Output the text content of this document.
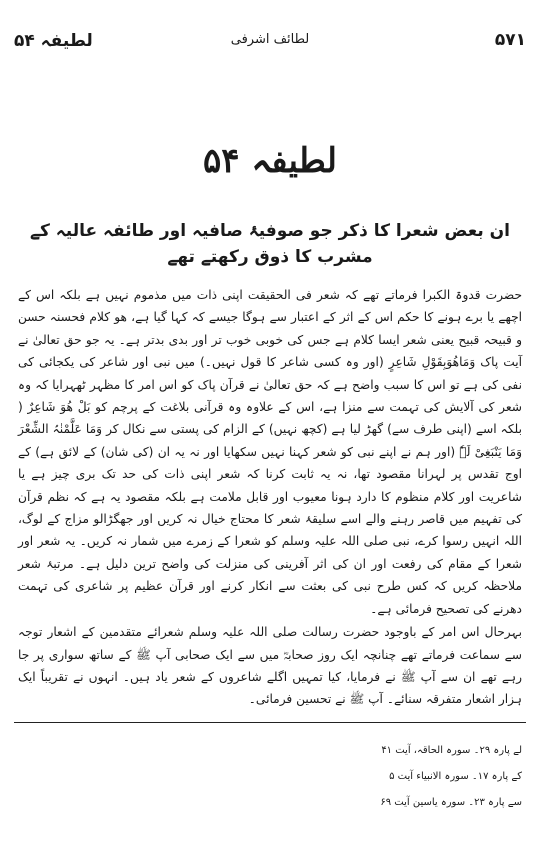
لطیفہ ۵۴	لطائف اشرفی	۵۷۱
لطیفہ ۵۴
ان بعض شعرا کا ذکر جو صوفیۂ صافیہ اور طائفہ عالیہ کے مشرب کا ذوق رکھتے تھے

حضرت قدوۃ الکبرا فرماتے تھے کہ شعر فی الحقیقت اپنی ذات میں مذموم نہیں ہے بلکہ اس کے اچھے یا برے ہونے کا حکم اس کے اثر کے اعتبار سے ہوگا جیسے کہ کہا گیا ہے، ھو کلام فحسنہ حسن و قبیحہ قبیح یعنی شعر ایسا کلام ہے جس کی خوبی خوب تر اور بدی بدتر ہے۔ یہ جو حق تعالیٰ نے آیت پاک وَمَاھُوَبِقَوْلِ شَاعِرٍ (اور وہ کسی شاعر کا قول نہیں۔) میں نبی اور شاعر کی یکجائی کی نفی کی ہے تو اس کا سبب واضح ہے کہ حق تعالیٰ نے قرآن پاک کو اس امر کا مظہر ٹھہرایا کہ وہ شعر کی آلایش کی تہمت سے منزا ہے، اس کے علاوہ وہ قرآنی بلاغت کے پرچم کو بَلْ ھُوَ شَاعِرٌ ( بلکہ اسے (اپنی طرف سے) گھڑ لیا ہے (کچھ نہیں) کے الزام کی پستی سے نکال کر وَمَا عَلَّمْنٰہُ الشِّعْرَ وَمَا یَنْبَغِیْ لَہٗ (اور ہم نے اپنے نبی کو شعر کہنا نہیں سکھایا اور نہ یہ ان (کی شان) کے لائق ہے) کے اوج تقدس پر لہرانا مقصود تھا، نہ یہ ثابت کرنا کہ شعر اپنی ذات کی حد تک بری چیز ہے یا شاعریت اور کلام منظوم کا دارد ہونا معیوب اور قابل ملامت ہے بلکہ مقصود یہ ہے کہ نظم قرآن کی تفہیم میں قاصر رہنے والے اسے سلیقۂ شعر کا محتاج خیال نہ کریں اور جھگڑالو مزاج کے لوگ، اللہ انہیں رسوا کرے، نبی صلی اللہ علیہ وسلم کو شعرا کے زمرے میں شمار نہ کریں۔ یہ شعر اور شعرا کے مقام کی رفعت اور ان کی اثر آفرینی کی منزلت کی واضح ترین دلیل ہے۔ مرتبۂ شعر ملاحظہ کریں کہ کس طرح نبی کی بعثت سے انکار کرنے اور قرآن عظیم پر شاعری کی تہمت دھرنے کی تصحیح فرمائی ہے۔

بہرحال اس امر کے باوجود حضرت رسالت صلی اللہ علیہ وسلم شعرائے متقدمین کے اشعار توجہ سے سماعت فرماتے تھے چنانچہ ایک روز صحابہؓ میں سے ایک صحابی آپ ﷺ کے ساتھ سواری پر جا رہے تھے ان سے آپ ﷺ نے فرمایا، کیا تمہیں اگلے شاعروں کے شعر یاد ہیں۔ انہوں نے تقریباً ایک ہزار اشعار متفرقہ سنائے۔ آپ ﷺ نے تحسین فرمائی۔

لے پارہ ۲۹۔ سورہ الحاقہ، آیت ۴۱
کے پارہ ۱۷۔ سورہ الانبیاء آیت ۵
سے پارہ ۲۳۔ سورہ یاسین آیت ۶۹
